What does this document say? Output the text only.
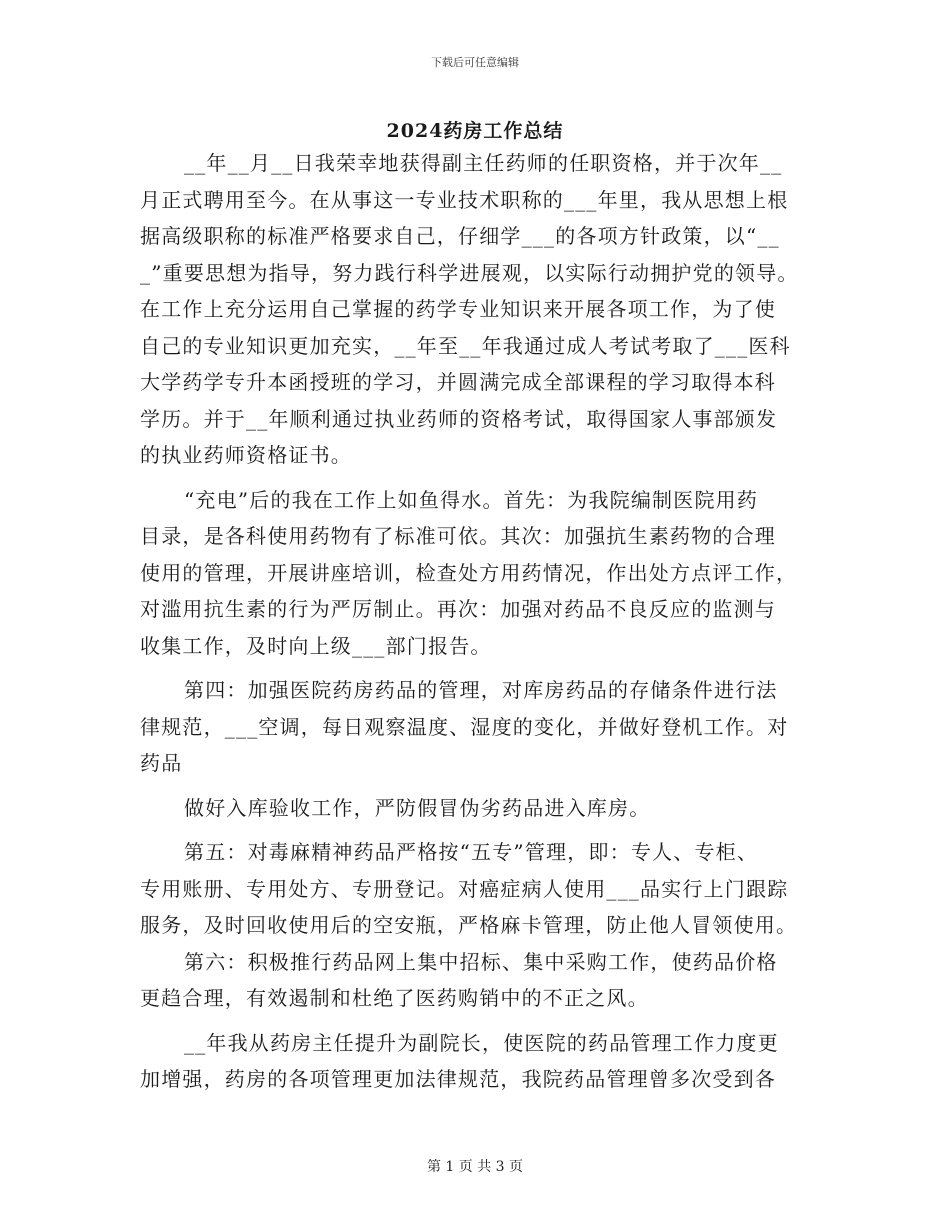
下载后可任意编辑
2024药房工作总结

__年__月__日我荣幸地获得副主任药师的任职资格，并于次年__
月正式聘用至今。在从事这一专业技术职称的___年里，我从思想上根
据高级职称的标准严格要求自己，仔细学___的各项方针政策，以“__
_”重要思想为指导，努力践行科学进展观，以实际行动拥护党的领导。
在工作上充分运用自己掌握的药学专业知识来开展各项工作，为了使
自己的专业知识更加充实，__年至__年我通过成人考试考取了___医科
大学药学专升本函授班的学习，并圆满完成全部课程的学习取得本科
学历。并于__年顺利通过执业药师的资格考试，取得国家人事部颁发
的执业药师资格证书。

“充电”后的我在工作上如鱼得水。首先：为我院编制医院用药
目录，是各科使用药物有了标准可依。其次：加强抗生素药物的合理
使用的管理，开展讲座培训，检查处方用药情况，作出处方点评工作，
对滥用抗生素的行为严厉制止。再次：加强对药品不良反应的监测与
收集工作，及时向上级___部门报告。

第四：加强医院药房药品的管理，对库房药品的存储条件进行法
律规范，___空调，每日观察温度、湿度的变化，并做好登机工作。对
药品

做好入库验收工作，严防假冒伪劣药品进入库房。

第五：对毒麻精神药品严格按“五专”管理，即：专人、专柜、
专用账册、专用处方、专册登记。对癌症病人使用___品实行上门跟踪
服务，及时回收使用后的空安瓶，严格麻卡管理，防止他人冒领使用。

第六：积极推行药品网上集中招标、集中采购工作，使药品价格
更趋合理，有效遏制和杜绝了医药购销中的不正之风。

__年我从药房主任提升为副院长，使医院的药品管理工作力度更
加增强，药房的各项管理更加法律规范，我院药品管理曾多次受到各

第 1 页 共 3 页
